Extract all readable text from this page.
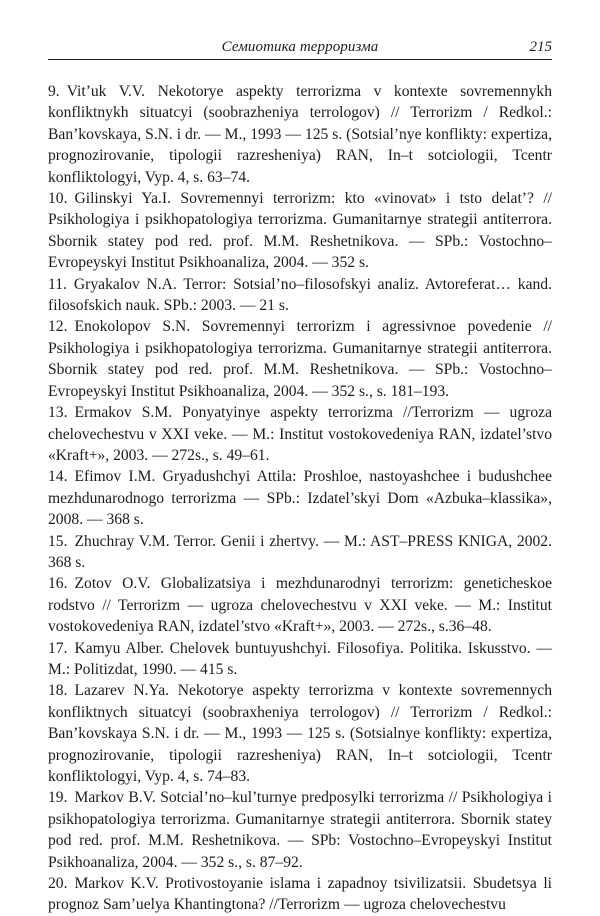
Семиотика терроризма	215

9. Vit’uk V.V. Nekotorye aspekty terrorizma v kontexte sovremennykh konfliktnykh situatcyi (soobrazheniya terrologov) // Terrorizm / Redkol.: Ban’kovskaya, S.N. i dr. — M., 1993 — 125 s. (Sotsial’nye konflikty: expertiza, prognozirovanie, tipologii razresheniya) RAN, In–t sotciologii, Tcentr konfliktologyi, Vyp. 4, s. 63–74.

10. Gilinskyi Ya.I. Sovremennyi terrorizm: kto «vinovat» i tsto delat’? // Psikhologiya i psikhopatologiya terrorizma. Gumanitarnye strategii antiterrora. Sbornik statey pod red. prof. M.M. Reshetnikova. — SPb.: Vostochno–Evropeyskyi Institut Psikhoanaliza, 2004. — 352 s.

11. Gryakalov N.A. Terror: Sotsial’no–filosofskyi analiz. Avtoreferat… kand. filosofskich nauk. SPb.: 2003. — 21 s.

12. Enokolopov S.N. Sovremennyi terrorizm i agressivnoe povedenie // Psikhologiya i psikhopatologiya terrorizma. Gumanitarnye strategii antiterrora. Sbornik statey pod red. prof. M.M. Reshetnikova. — SPb.: Vostochno–Evropeyskyi Institut Psikhoanaliza, 2004. — 352 s., s. 181–193.

13. Ermakov S.M. Ponyatyinye aspekty terrorizma //Terrorizm — ugroza chelovechestvu v XXI veke. — M.: Institut vostokovedeniya RAN, izdatel’stvo «Kraft+», 2003. — 272s., s. 49–61.

14. Efimov I.M. Gryadushchyi Attila: Proshloe, nastoyashchee i budushchee mezhdunarodnogo terrorizma — SPb.: Izdatel’skyi Dom «Azbuka–klassika», 2008. — 368 s.

15. Zhuchray V.M. Terror. Genii i zhertvy. — M.: AST–PRESS KNIGA, 2002. 368 s.

16. Zotov O.V. Globalizatsiya i mezhdunarodnyi terrorizm: geneticheskoe rodstvo // Terrorizm — ugroza chelovechestvu v XXI veke. — M.: Institut vostokovedeniya RAN, izdatel’stvo «Kraft+», 2003. — 272s., s.36–48.

17. Kamyu Alber. Chelovek buntuyushchyi. Filosofiya. Politika. Iskusstvo. — M.: Politizdat, 1990. — 415 s.

18. Lazarev N.Ya. Nekotorye aspekty terrorizma v kontexte sovremennych konfliktnych situatcyi (soobraxheniya terrologov) // Terrorizm / Redkol.: Ban’kovskaya S.N. i dr. — M., 1993 — 125 s. (Sotsialnye konflikty: expertiza, prognozirovanie, tipologii razresheniya) RAN, In–t sotciologii, Tcentr konfliktologyi, Vyp. 4, s. 74–83.

19. Markov B.V. Sotcial’no–kul’turnye predposylki terrorizma // Psikhologiya i psikhopatologiya terrorizma. Gumanitarnye strategii antiterrora. Sbornik statey pod red. prof. M.M. Reshetnikova. — SPb: Vostochno–Evropeyskyi Institut Psikhoanaliza, 2004. — 352 s., s. 87–92.

20. Markov K.V. Protivostoyanie islama i zapadnoy tsivilizatsii. Sbudetsya li prognoz Sam’uelya Khantingtona? //Terrorizm — ugroza chelovechestvu
